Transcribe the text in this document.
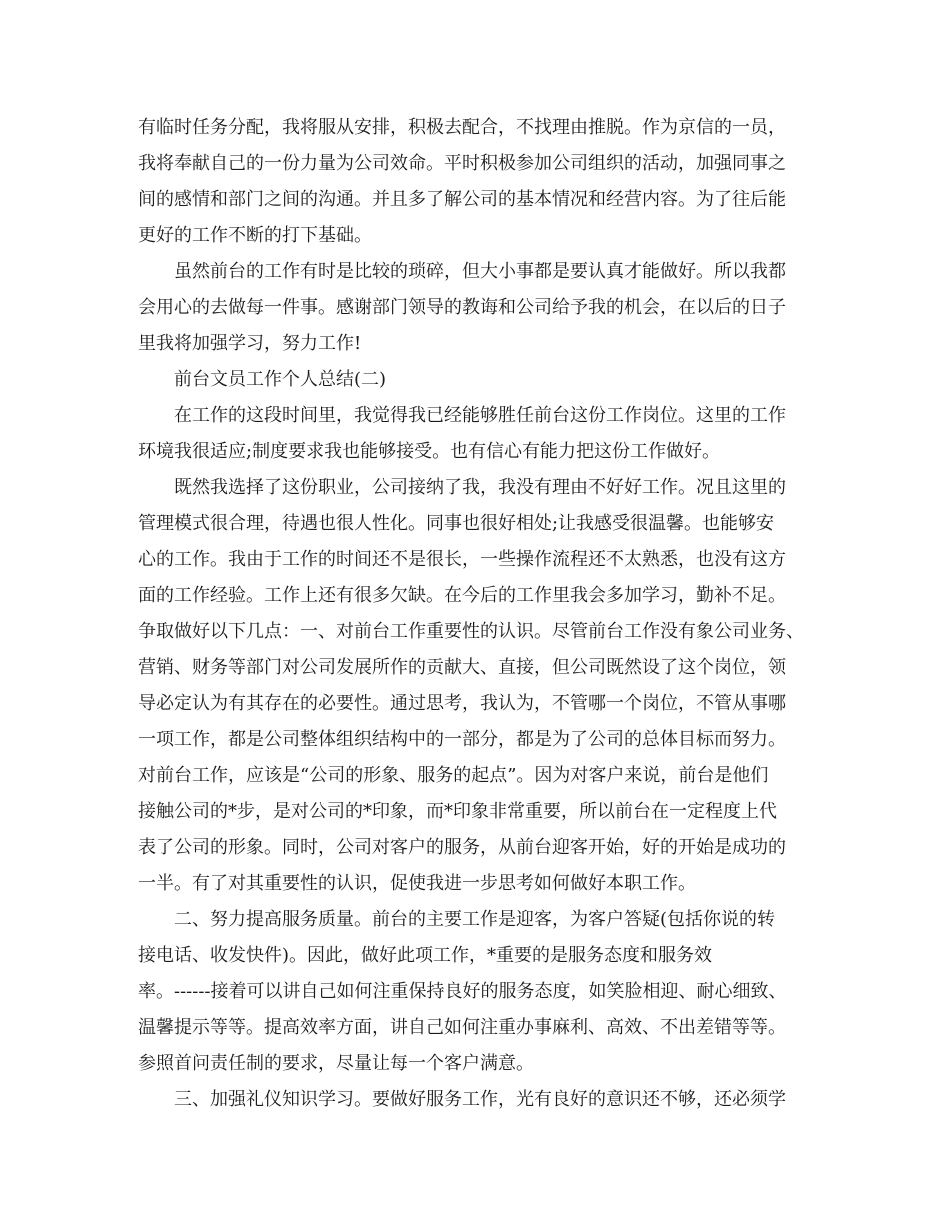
有临时任务分配，我将服从安排，积极去配合，不找理由推脱。作为京信的一员，
我将奉献自己的一份力量为公司效命。平时积极参加公司组织的活动，加强同事之
间的感情和部门之间的沟通。并且多了解公司的基本情况和经营内容。为了往后能
更好的工作不断的打下基础。
虽然前台的工作有时是比较的琐碎，但大小事都是要认真才能做好。所以我都
会用心的去做每一件事。感谢部门领导的教诲和公司给予我的机会，在以后的日子
里我将加强学习，努力工作!
前台文员工作个人总结(二)
在工作的这段时间里，我觉得我已经能够胜任前台这份工作岗位。这里的工作
环境我很适应;制度要求我也能够接受。也有信心有能力把这份工作做好。
既然我选择了这份职业，公司接纳了我，我没有理由不好好工作。况且这里的
管理模式很合理，待遇也很人性化。同事也很好相处;让我感受很温馨。也能够安
心的工作。我由于工作的时间还不是很长，一些操作流程还不太熟悉，也没有这方
面的工作经验。工作上还有很多欠缺。在今后的工作里我会多加学习，勤补不足。
争取做好以下几点：一、对前台工作重要性的认识。尽管前台工作没有象公司业务、
营销、财务等部门对公司发展所作的贡献大、直接，但公司既然设了这个岗位，领
导必定认为有其存在的必要性。通过思考，我认为，不管哪一个岗位，不管从事哪
一项工作，都是公司整体组织结构中的一部分，都是为了公司的总体目标而努力。
对前台工作，应该是“公司的形象、服务的起点”。因为对客户来说，前台是他们
接触公司的*步，是对公司的*印象，而*印象非常重要，所以前台在一定程度上代
表了公司的形象。同时，公司对客户的服务，从前台迎客开始，好的开始是成功的
一半。有了对其重要性的认识，促使我进一步思考如何做好本职工作。
二、努力提高服务质量。前台的主要工作是迎客，为客户答疑(包括你说的转
接电话、收发快件)。因此，做好此项工作，*重要的是服务态度和服务效
率。------接着可以讲自己如何注重保持良好的服务态度，如笑脸相迎、耐心细致、
温馨提示等等。提高效率方面，讲自己如何注重办事麻利、高效、不出差错等等。
参照首问责任制的要求，尽量让每一个客户满意。
三、加强礼仪知识学习。要做好服务工作，光有良好的意识还不够，还必须学
